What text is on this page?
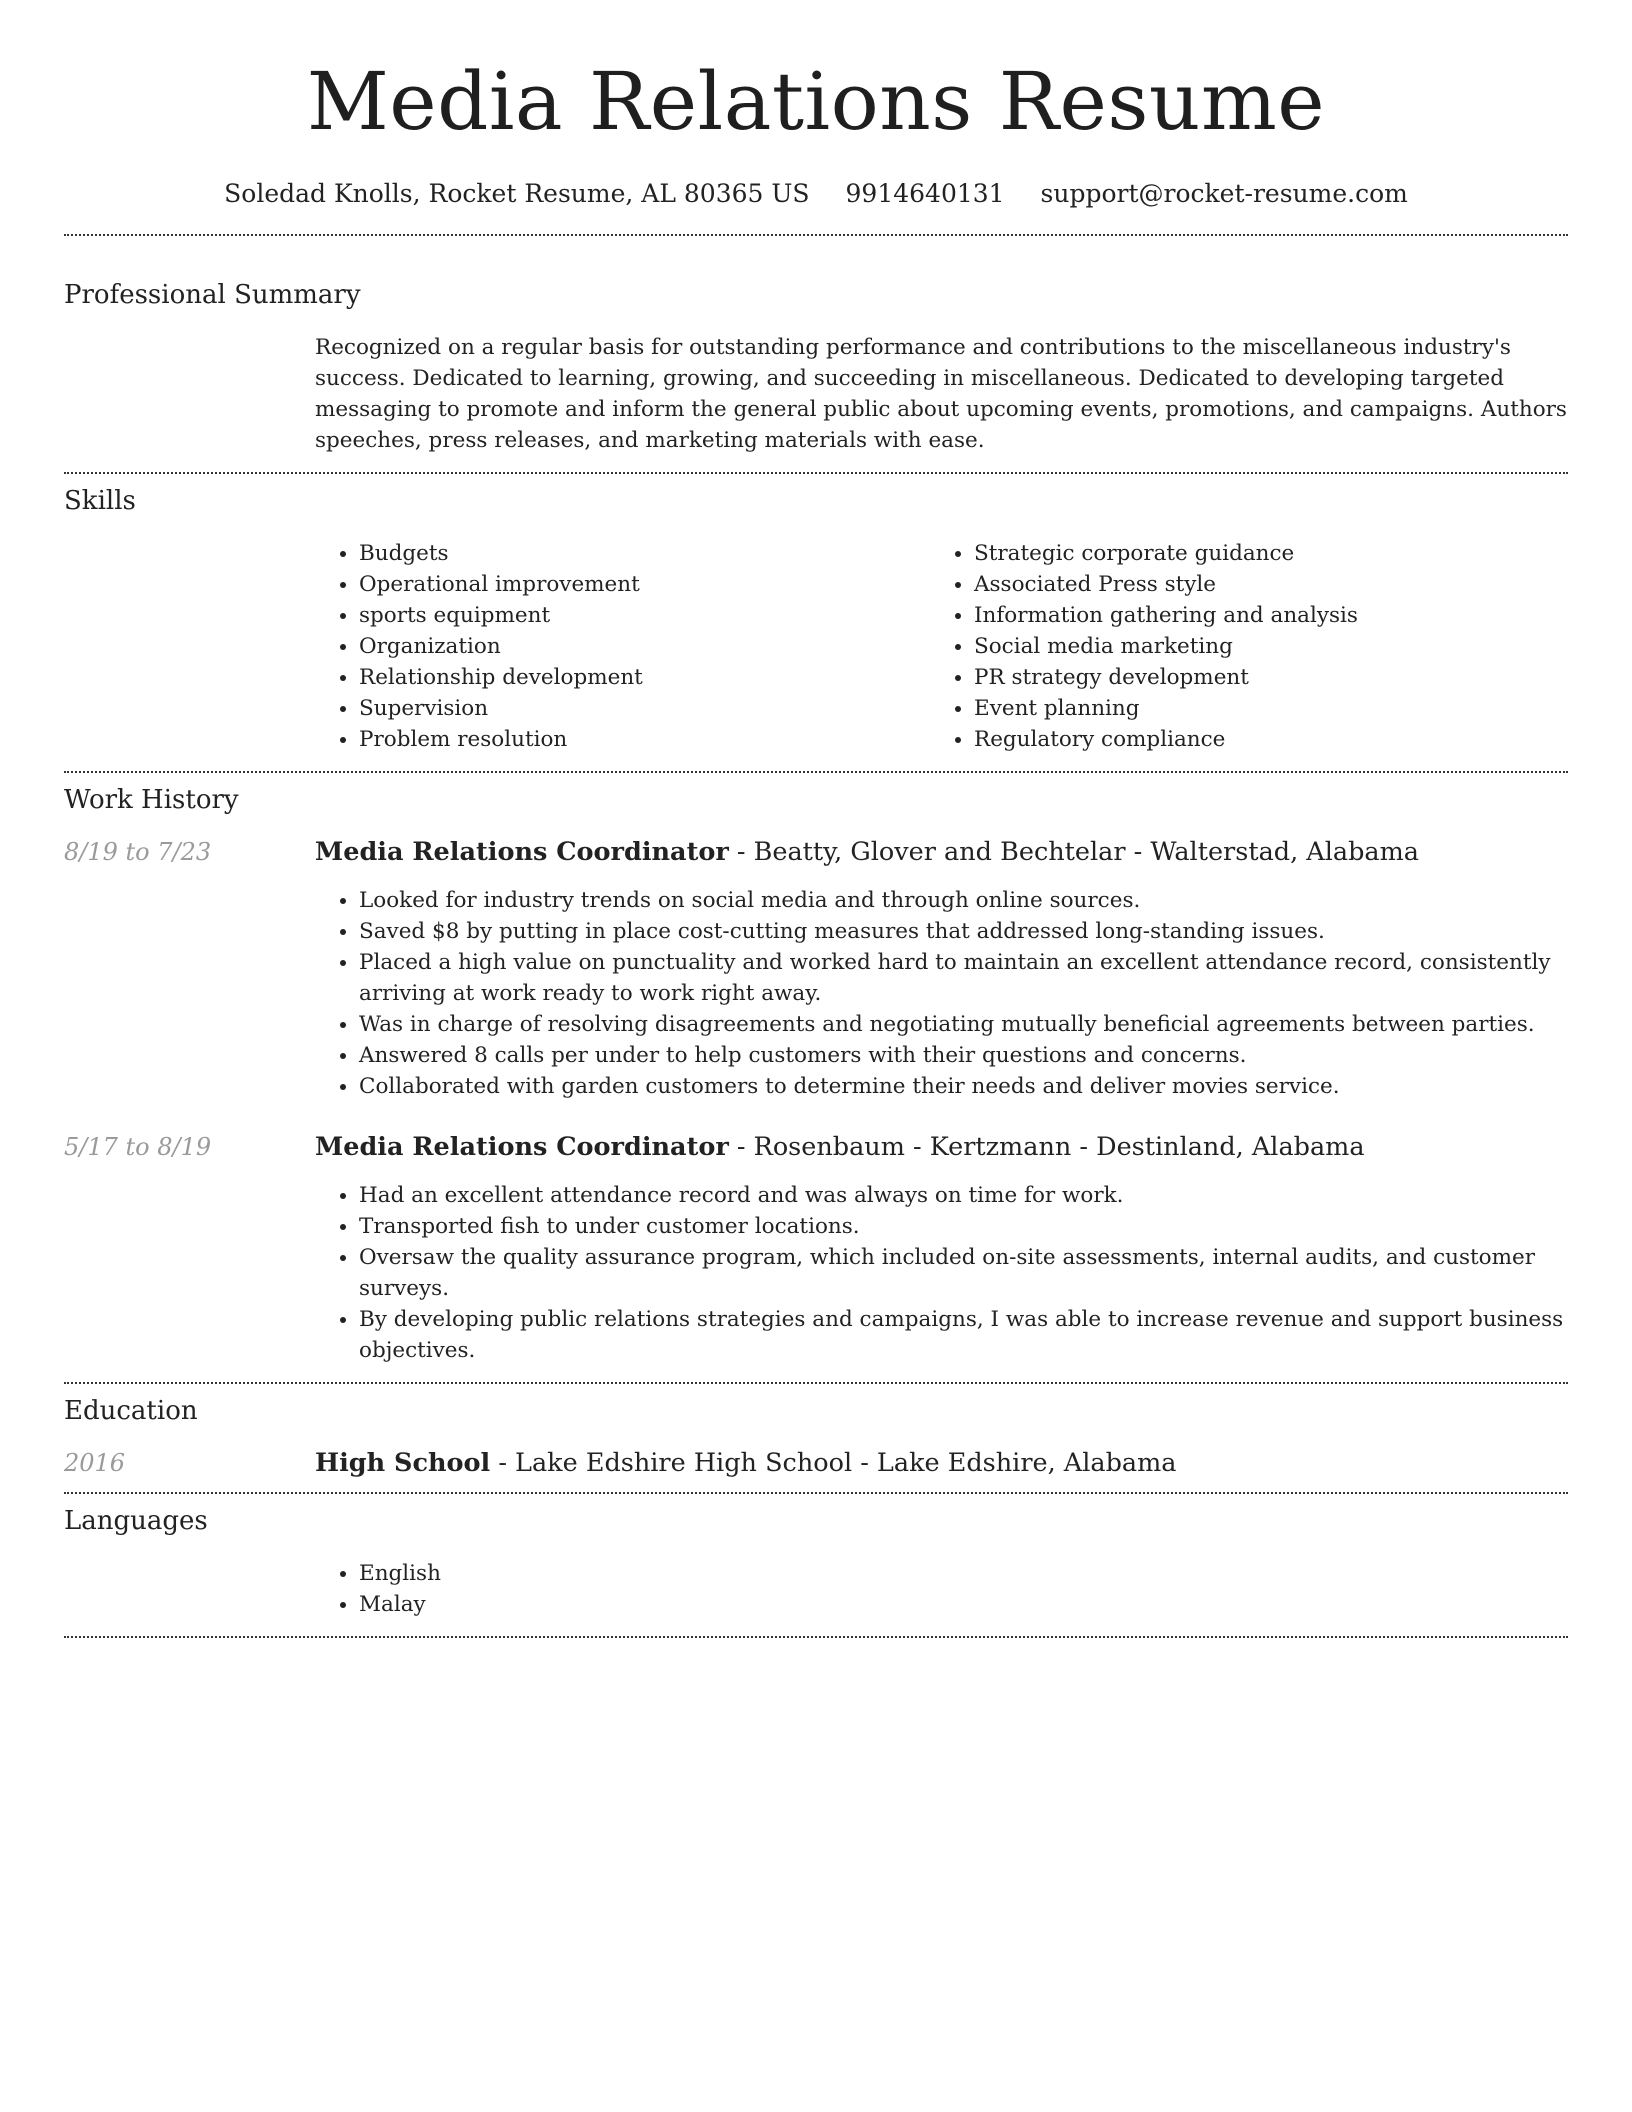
Media Relations Resume
Soledad Knolls, Rocket Resume, AL 80365 US 9914640131 support@rocket-resume.com
Professional Summary
Recognized on a regular basis for outstanding performance and contributions to the miscellaneous industry's success. Dedicated to learning, growing, and succeeding in miscellaneous. Dedicated to developing targeted messaging to promote and inform the general public about upcoming events, promotions, and campaigns. Authors speeches, press releases, and marketing materials with ease.
Skills
• Budgets
• Operational improvement
• sports equipment
• Organization
• Relationship development
• Supervision
• Problem resolution
• Strategic corporate guidance
• Associated Press style
• Information gathering and analysis
• Social media marketing
• PR strategy development
• Event planning
• Regulatory compliance
Work History
8/19 to 7/23	Media Relations Coordinator - Beatty, Glover and Bechtelar - Walterstad, Alabama
• Looked for industry trends on social media and through online sources.
• Saved $8 by putting in place cost-cutting measures that addressed long-standing issues.
• Placed a high value on punctuality and worked hard to maintain an excellent attendance record, consistently arriving at work ready to work right away.
• Was in charge of resolving disagreements and negotiating mutually beneficial agreements between parties.
• Answered 8 calls per under to help customers with their questions and concerns.
• Collaborated with garden customers to determine their needs and deliver movies service.
5/17 to 8/19	Media Relations Coordinator - Rosenbaum - Kertzmann - Destinland, Alabama
• Had an excellent attendance record and was always on time for work.
• Transported fish to under customer locations.
• Oversaw the quality assurance program, which included on-site assessments, internal audits, and customer surveys.
• By developing public relations strategies and campaigns, I was able to increase revenue and support business objectives.
Education
2016	High School - Lake Edshire High School - Lake Edshire, Alabama
Languages
• English
• Malay
